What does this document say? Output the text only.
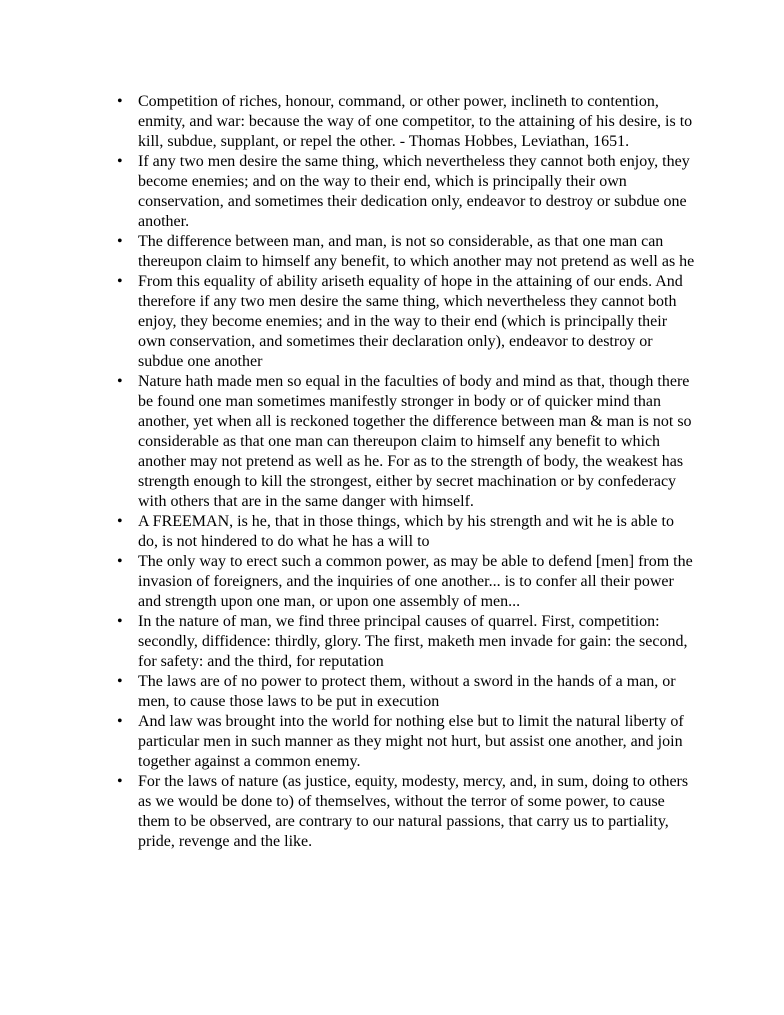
• Competition of riches, honour, command, or other power, inclineth to contention, enmity, and war: because the way of one competitor, to the attaining of his desire, is to kill, subdue, supplant, or repel the other. - Thomas Hobbes, Leviathan, 1651.
• If any two men desire the same thing, which nevertheless they cannot both enjoy, they become enemies; and on the way to their end, which is principally their own conservation, and sometimes their dedication only, endeavor to destroy or subdue one another.
• The difference between man, and man, is not so considerable, as that one man can thereupon claim to himself any benefit, to which another may not pretend as well as he
• From this equality of ability ariseth equality of hope in the attaining of our ends. And therefore if any two men desire the same thing, which nevertheless they cannot both enjoy, they become enemies; and in the way to their end (which is principally their own conservation, and sometimes their declaration only), endeavor to destroy or subdue one another
• Nature hath made men so equal in the faculties of body and mind as that, though there be found one man sometimes manifestly stronger in body or of quicker mind than another, yet when all is reckoned together the difference between man & man is not so considerable as that one man can thereupon claim to himself any benefit to which another may not pretend as well as he. For as to the strength of body, the weakest has strength enough to kill the strongest, either by secret machination or by confederacy with others that are in the same danger with himself.
• A FREEMAN, is he, that in those things, which by his strength and wit he is able to do, is not hindered to do what he has a will to
• The only way to erect such a common power, as may be able to defend [men] from the invasion of foreigners, and the inquiries of one another... is to confer all their power and strength upon one man, or upon one assembly of men...
• In the nature of man, we find three principal causes of quarrel. First, competition: secondly, diffidence: thirdly, glory. The first, maketh men invade for gain: the second, for safety: and the third, for reputation
• The laws are of no power to protect them, without a sword in the hands of a man, or men, to cause those laws to be put in execution
• And law was brought into the world for nothing else but to limit the natural liberty of particular men in such manner as they might not hurt, but assist one another, and join together against a common enemy.
• For the laws of nature (as justice, equity, modesty, mercy, and, in sum, doing to others as we would be done to) of themselves, without the terror of some power, to cause them to be observed, are contrary to our natural passions, that carry us to partiality, pride, revenge and the like.
